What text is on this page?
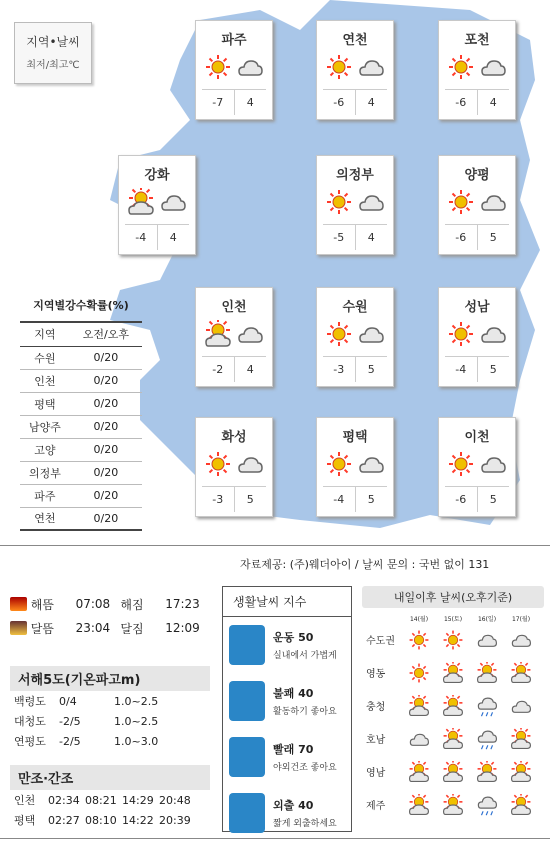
지역•날씨
최저/최고℃
파주
-7	4
연천
-6	4
포천
-6	4
강화
-4	4
의정부
-5	4
양평
-6	5
인천
-2	4
수원
-3	5
성남
-4	5
화성
-3	5
평택
-4	5
이천
-6	5
지역별강수확률(%)
지역	오전/오후
수원	0/20
인천	0/20
평택	0/20
남양주	0/20
고양	0/20
의정부	0/20
파주	0/20
연천	0/20
자료제공: (주)웨더아이 / 날씨 문의 : 국번 없이 131
해뜸	07:08 해짐	17:23
달뜸	23:04 달짐	12:09
서해5도(기온파고m)
백령도	0/4	1.0~2.5
대청도	-2/5	1.0~2.5
연평도	-2/5	1.0~3.0
만조·간조
인천	02:34 08:21 14:29 20:48
평택	02:27 08:10 14:22 20:39
생활날씨 지수
운동 50
실내에서 가볍게
불쾌 40
활동하기 좋아요
빨래 70
야외건조 좋아요
외출 40
짧게 외출하세요
내일이후 날씨(오후기준)
14(월)	15(토)	16(일)	17(월)
수도권
영동
충청
호남
영남
제주
